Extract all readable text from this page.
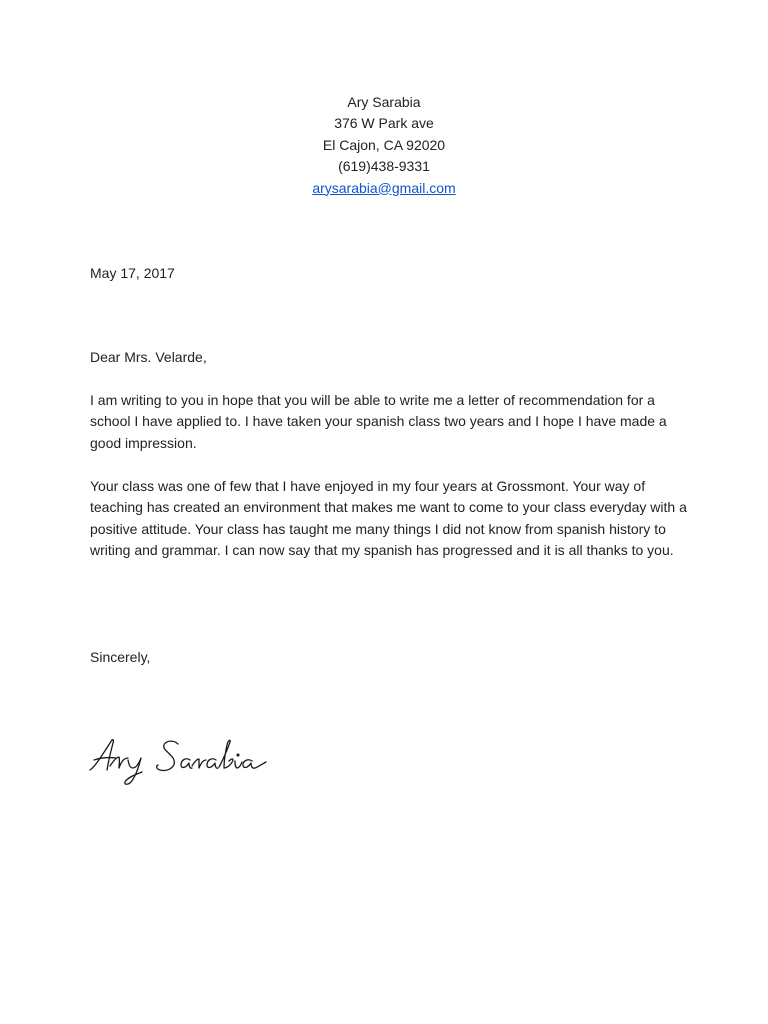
Ary Sarabia
376 W Park ave
El Cajon, CA 92020
(619)438-9331
arysarabia@gmail.com
May 17, 2017
Dear Mrs. Velarde,
I am writing to you in hope that you will be able to write me a letter of recommendation for a school I have applied to. I have taken your spanish class two years and I hope I have made a good impression.
Your class was one of few that I have enjoyed in my four years at Grossmont. Your way of teaching has created an environment that makes me want to come to your class everyday with a positive attitude. Your class has taught me many things I did not know from spanish history to writing and grammar. I can now say that my spanish has progressed and it is all thanks to you.
Sincerely,
